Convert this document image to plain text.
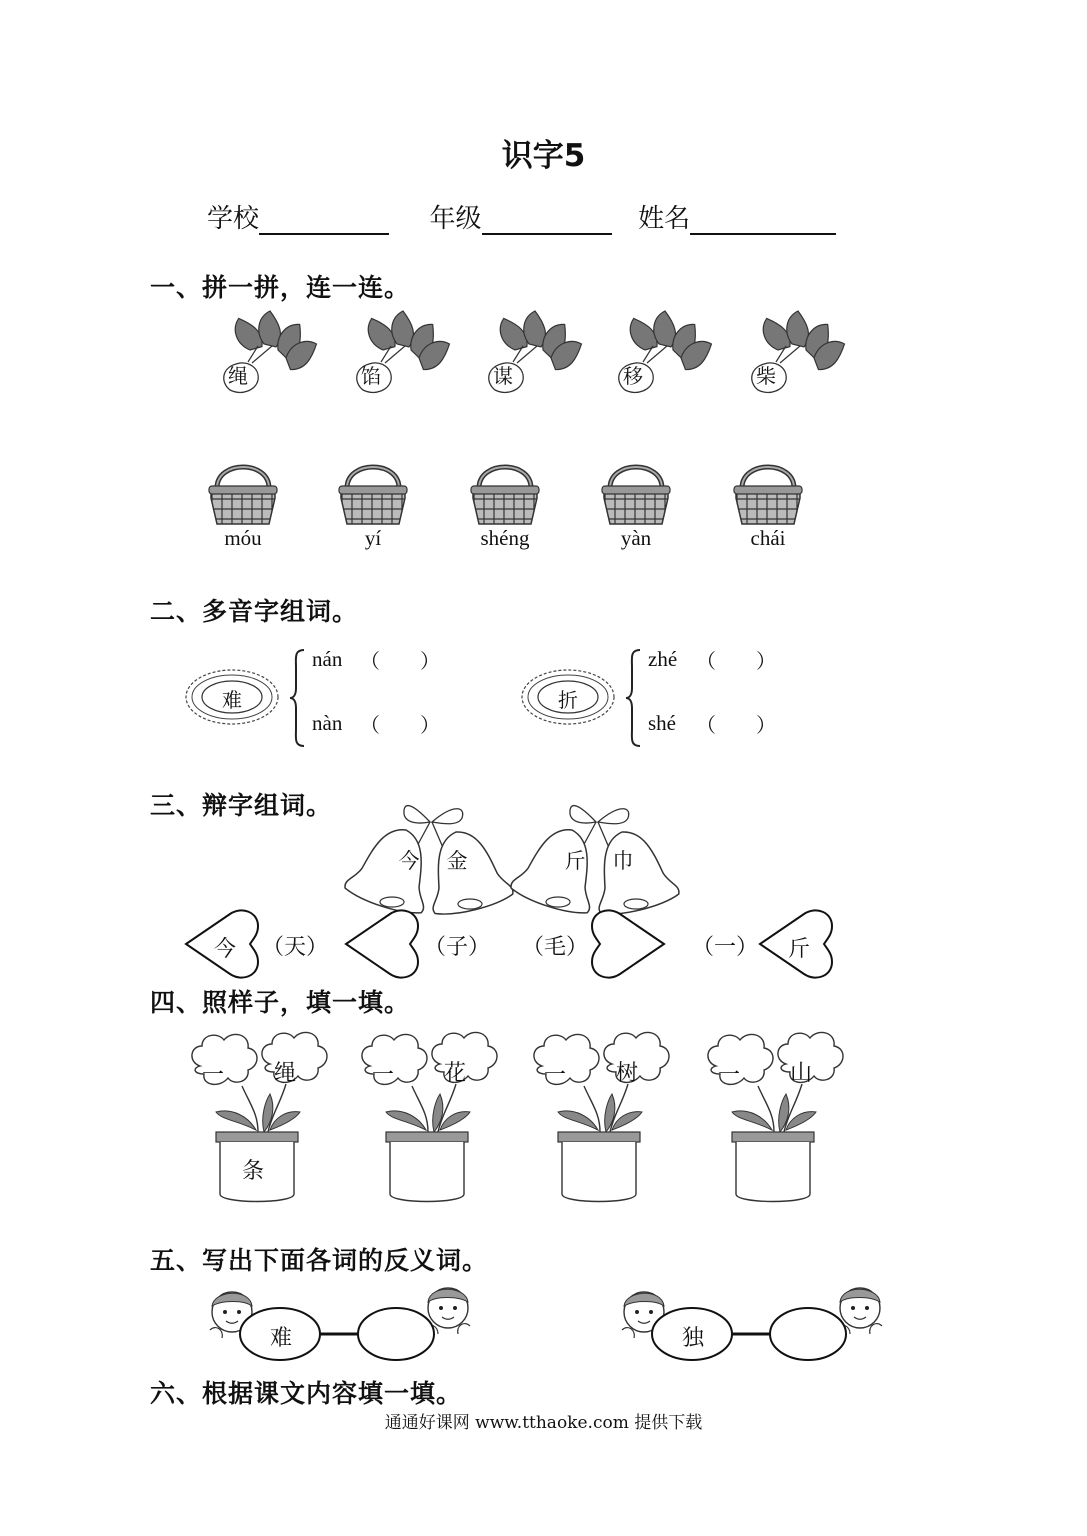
识字5
学校	年级	姓名
一、拼一拼，连一连。
绳	馅	谋	移	柴
móu	yí	shéng	yàn	chái
二、多音字组词。
难
nán （　　）
nàn （　　）
折
zhé （　　）
shé （　　）
三、辩字组词。
今 金	斤 巾
今	斤
（天）	（子） （毛）	（一）
四、照样子，填一填。
一 绳
条
一 花	一 树	一 山
五、写出下面各词的反义词。
难	独
六、根据课文内容填一填。
通通好课网 www.tthaoke.com 提供下载
